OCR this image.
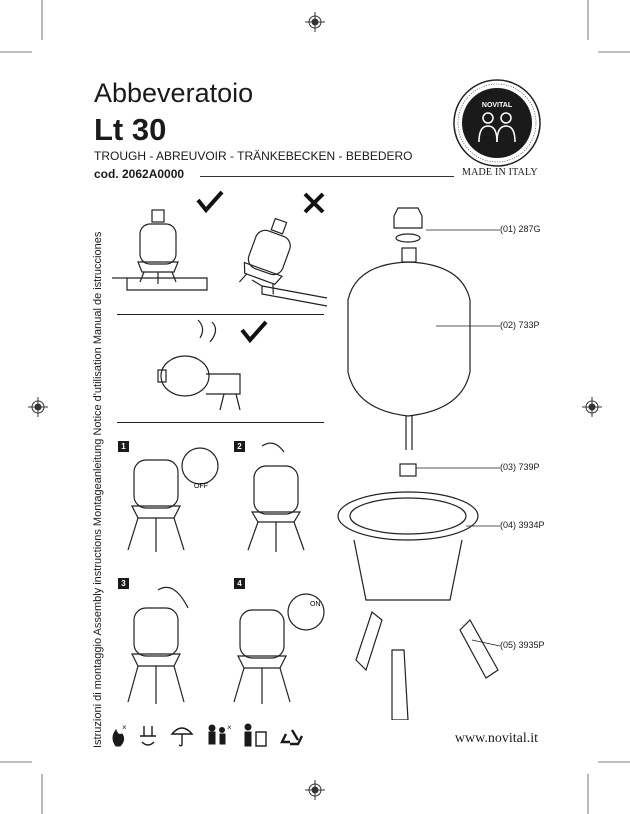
Abbeveratoio
Lt 30
TROUGH - ABREUVOIR - TRÄNKEBECKEN - BEBEDERO
cod. 2062A0000	MADE IN ITALY
NOVITAL
Istruzioni di montaggio Assembly instructions Montageanleitung Notice d'utilisation Manual de istrucciones	1	2
3	4
OFF
ON
(01) 287G
(02) 733P
(03) 739P
(04) 3934P
(05) 3935P
×	×
www.novital.it
